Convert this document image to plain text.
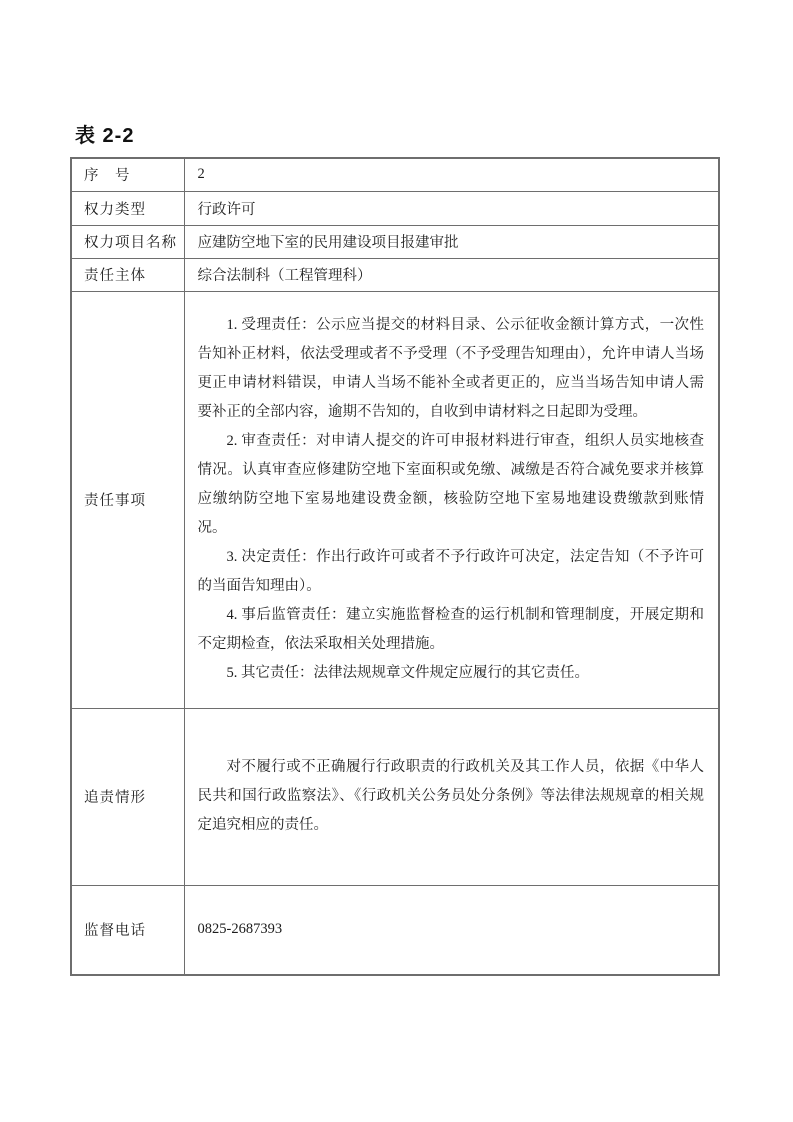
表 2-2
序　号	2
权力类型	行政许可
权力项目名称	应建防空地下室的民用建设项目报建审批
责任主体	综合法制科（工程管理科）
责任事项	1. 受理责任：公示应当提交的材料目录、公示征收金额计算方式，一次性告知补正材料，依法受理或者不予受理（不予受理告知理由），允许申请人当场更正申请材料错误，申请人当场不能补全或者更正的，应当当场告知申请人需要补正的全部内容，逾期不告知的，自收到申请材料之日起即为受理。

2. 审查责任：对申请人提交的许可申报材料进行审查，组织人员实地核查情况。认真审查应修建防空地下室面积或免缴、减缴是否符合减免要求并核算应缴纳防空地下室易地建设费金额，核验防空地下室易地建设费缴款到账情况。

3. 决定责任：作出行政许可或者不予行政许可决定，法定告知（不予许可的当面告知理由）。

4. 事后监管责任：建立实施监督检查的运行机制和管理制度，开展定期和不定期检查，依法采取相关处理措施。

5. 其它责任：法律法规规章文件规定应履行的其它责任。

追责情形	对不履行或不正确履行行政职责的行政机关及其工作人员，依据《中华人民共和国行政监察法》、《行政机关公务员处分条例》等法律法规规章的相关规定追究相应的责任。

监督电话	0825-2687393
